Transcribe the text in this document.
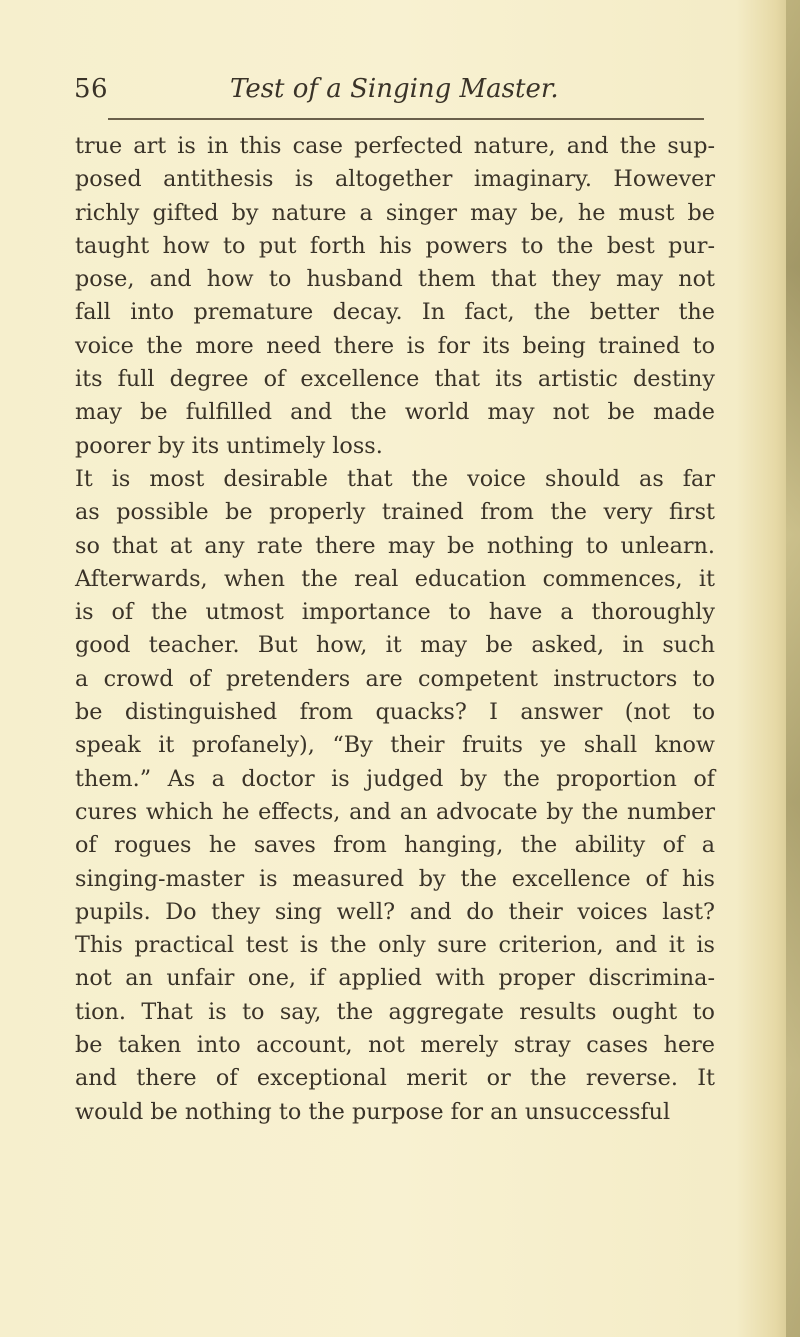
56	Test of a Singing Master.
true art is in this case perfected nature, and the sup-
posed antithesis is altogether imaginary. However
richly gifted by nature a singer may be, he must be
taught how to put forth his powers to the best pur-
pose, and how to husband them that they may not
fall into premature decay. In fact, the better the
voice the more need there is for its being trained to
its full degree of excellence that its artistic destiny
may be fulfilled and the world may not be made
poorer by its untimely loss.
It is most desirable that the voice should as far
as possible be properly trained from the very first
so that at any rate there may be nothing to unlearn.
Afterwards, when the real education commences, it
is of the utmost importance to have a thoroughly
good teacher. But how, it may be asked, in such
a crowd of pretenders are competent instructors to
be distinguished from quacks? I answer (not to
speak it profanely), “By their fruits ye shall know
them.” As a doctor is judged by the proportion of
cures which he effects, and an advocate by the number
of rogues he saves from hanging, the ability of a
singing-master is measured by the excellence of his
pupils. Do they sing well? and do their voices last?
This practical test is the only sure criterion, and it is
not an unfair one, if applied with proper discrimina-
tion. That is to say, the aggregate results ought to
be taken into account, not merely stray cases here
and there of exceptional merit or the reverse. It
would be nothing to the purpose for an unsuccessful
